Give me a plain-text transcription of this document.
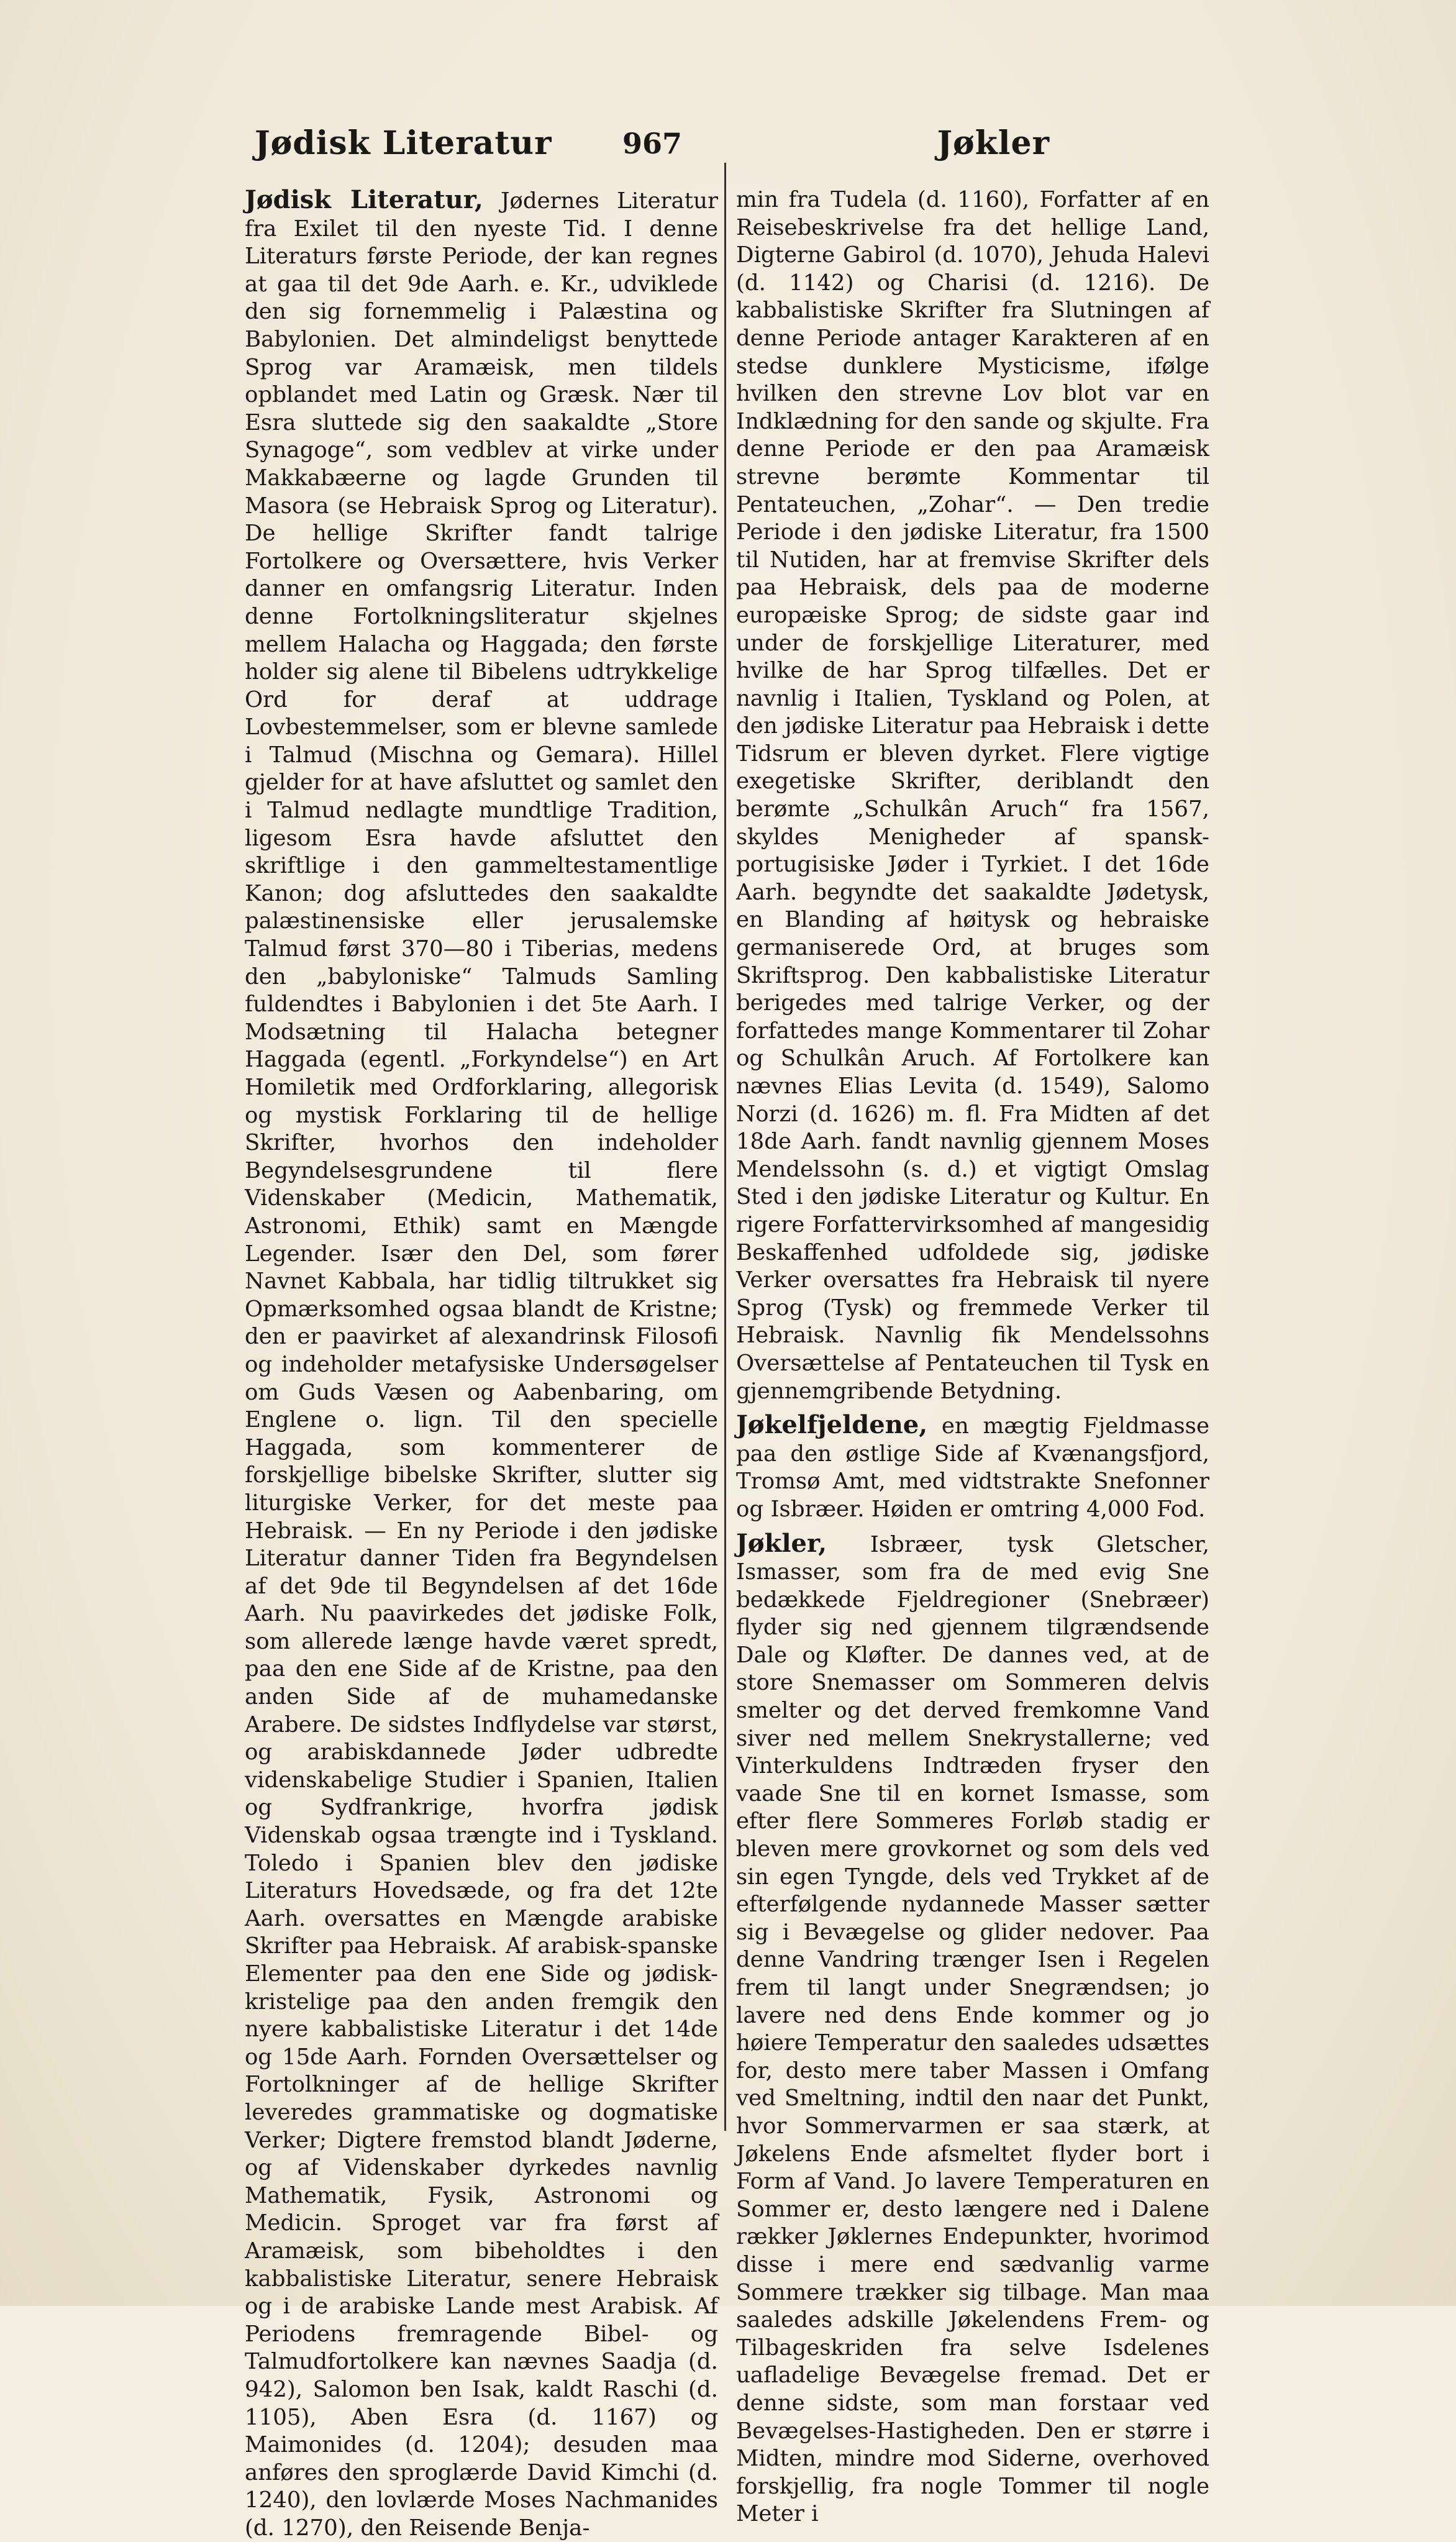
Jødisk Literatur	967	Jøkler

Jødisk Literatur, Jødernes Literatur fra Exilet til den nyeste Tid. I denne Literaturs første Periode, der kan regnes at gaa til det 9de Aarh. e. Kr., udviklede den sig fornemmelig i Palæstina og Babylonien. Det almindeligst benyttede Sprog var Aramæisk, men tildels opblandet med Latin og Græsk. Nær til Esra sluttede sig den saakaldte „Store Synagoge“, som vedblev at virke under Makkabæerne og lagde Grunden til Masora (se Hebraisk Sprog og Literatur). De hellige Skrifter fandt talrige Fortolkere og Oversættere, hvis Verker danner en omfangsrig Literatur. Inden denne Fortolkningsliteratur skjelnes mellem Halacha og Haggada; den første holder sig alene til Bibelens udtrykkelige Ord for deraf at uddrage Lovbestemmelser, som er blevne samlede i Talmud (Mischna og Gemara). Hillel gjelder for at have afsluttet og samlet den i Talmud nedlagte mundtlige Tradition, ligesom Esra havde afsluttet den skriftlige i den gammeltestamentlige Kanon; dog afsluttedes den saakaldte palæstinensiske eller jerusalemske Talmud først 370—80 i Tiberias, medens den „babyloniske“ Talmuds Samling fuldendtes i Babylonien i det 5te Aarh. I Modsætning til Halacha betegner Haggada (egentl. „Forkyndelse“) en Art Homiletik med Ordforklaring, allegorisk og mystisk Forklaring til de hellige Skrifter, hvorhos den indeholder Begyndelsesgrundene til flere Videnskaber (Medicin, Mathematik, Astronomi, Ethik) samt en Mængde Legender. Især den Del, som fører Navnet Kabbala, har tidlig tiltrukket sig Opmærksomhed ogsaa blandt de Kristne; den er paavirket af alexandrinsk Filosofi og indeholder metafysiske Undersøgelser om Guds Væsen og Aabenbaring, om Englene o. lign. Til den specielle Haggada, som kommenterer de forskjellige bibelske Skrifter, slutter sig liturgiske Verker, for det meste paa Hebraisk. — En ny Periode i den jødiske Literatur danner Tiden fra Begyndelsen af det 9de til Begyndelsen af det 16de Aarh. Nu paavirkedes det jødiske Folk, som allerede længe havde været spredt, paa den ene Side af de Kristne, paa den anden Side af de muhamedanske Arabere. De sidstes Indflydelse var størst, og arabiskdannede Jøder udbredte videnskabelige Studier i Spanien, Italien og Sydfrankrige, hvorfra jødisk Videnskab ogsaa trængte ind i Tyskland. Toledo i Spanien blev den jødiske Literaturs Hovedsæde, og fra det 12te Aarh. oversattes en Mængde arabiske Skrifter paa Hebraisk. Af arabisk-spanske Elementer paa den ene Side og jødisk-kristelige paa den anden fremgik den nyere kabbalistiske Literatur i det 14de og 15de Aarh. Fornden Oversættelser og Fortolkninger af de hellige Skrifter leveredes grammatiske og dogmatiske Verker; Digtere fremstod blandt Jøderne, og af Videnskaber dyrkedes navnlig Mathematik, Fysik, Astronomi og Medicin. Sproget var fra først af Aramæisk, som bibeholdtes i den kabbalistiske Literatur, senere Hebraisk og i de arabiske Lande mest Arabisk. Af Periodens fremragende Bibel- og Talmudfortolkere kan nævnes Saadja (d. 942), Salomon ben Isak, kaldt Raschi (d. 1105), Aben Esra (d. 1167) og Maimonides (d. 1204); desuden maa anføres den sproglærde David Kimchi (d. 1240), den lovlærde Moses Nachmanides (d. 1270), den Reisende Benja-

min fra Tudela (d. 1160), Forfatter af en Reisebeskrivelse fra det hellige Land, Digterne Gabirol (d. 1070), Jehuda Halevi (d. 1142) og Charisi (d. 1216). De kabbalistiske Skrifter fra Slutningen af denne Periode antager Karakteren af en stedse dunklere Mysticisme, ifølge hvilken den strevne Lov blot var en Indklædning for den sande og skjulte. Fra denne Periode er den paa Aramæisk strevne berømte Kommentar til Pentateuchen, „Zohar“. — Den tredie Periode i den jødiske Literatur, fra 1500 til Nutiden, har at fremvise Skrifter dels paa Hebraisk, dels paa de moderne europæiske Sprog; de sidste gaar ind under de forskjellige Literaturer, med hvilke de har Sprog tilfælles. Det er navnlig i Italien, Tyskland og Polen, at den jødiske Literatur paa Hebraisk i dette Tidsrum er bleven dyrket. Flere vigtige exegetiske Skrifter, deriblandt den berømte „Schulkân Aruch“ fra 1567, skyldes Menigheder af spansk-portugisiske Jøder i Tyrkiet. I det 16de Aarh. begyndte det saakaldte Jødetysk, en Blanding af høitysk og hebraiske germaniserede Ord, at bruges som Skriftsprog. Den kabbalistiske Literatur berigedes med talrige Verker, og der forfattedes mange Kommentarer til Zohar og Schulkân Aruch. Af Fortolkere kan nævnes Elias Levita (d. 1549), Salomo Norzi (d. 1626) m. fl. Fra Midten af det 18de Aarh. fandt navnlig gjennem Moses Mendelssohn (s. d.) et vigtigt Omslag Sted i den jødiske Literatur og Kultur. En rigere Forfattervirksomhed af mangesidig Beskaffenhed udfoldede sig, jødiske Verker oversattes fra Hebraisk til nyere Sprog (Tysk) og fremmede Verker til Hebraisk. Navnlig fik Mendelssohns Oversættelse af Pentateuchen til Tysk en gjennemgribende Betydning.

Jøkelfjeldene, en mægtig Fjeldmasse paa den østlige Side af Kvænangsfjord, Tromsø Amt, med vidtstrakte Snefonner og Isbræer. Høiden er omtring 4,000 Fod.

Jøkler, Isbræer, tysk Gletscher, Ismasser, som fra de med evig Sne bedækkede Fjeldregioner (Snebræer) flyder sig ned gjennem tilgrændsende Dale og Kløfter. De dannes ved, at de store Snemasser om Sommeren delvis smelter og det derved fremkomne Vand siver ned mellem Snekrystallerne; ved Vinterkuldens Indtræden fryser den vaade Sne til en kornet Ismasse, som efter flere Sommeres Forløb stadig er bleven mere grovkornet og som dels ved sin egen Tyngde, dels ved Trykket af de efterfølgende nydannede Masser sætter sig i Bevægelse og glider nedover. Paa denne Vandring trænger Isen i Regelen frem til langt under Snegrændsen; jo lavere ned dens Ende kommer og jo høiere Temperatur den saaledes udsættes for, desto mere taber Massen i Omfang ved Smeltning, indtil den naar det Punkt, hvor Sommervarmen er saa stærk, at Jøkelens Ende afsmeltet flyder bort i Form af Vand. Jo lavere Temperaturen en Sommer er, desto længere ned i Dalene rækker Jøklernes Endepunkter, hvorimod disse i mere end sædvanlig varme Sommere trækker sig tilbage. Man maa saaledes adskille Jøkelendens Frem- og Tilbageskriden fra selve Isdelenes uafladelige Bevægelse fremad. Det er denne sidste, som man forstaar ved Bevægelses-Hastigheden. Den er større i Midten, mindre mod Siderne, overhoved forskjellig, fra nogle Tommer til nogle Meter i
